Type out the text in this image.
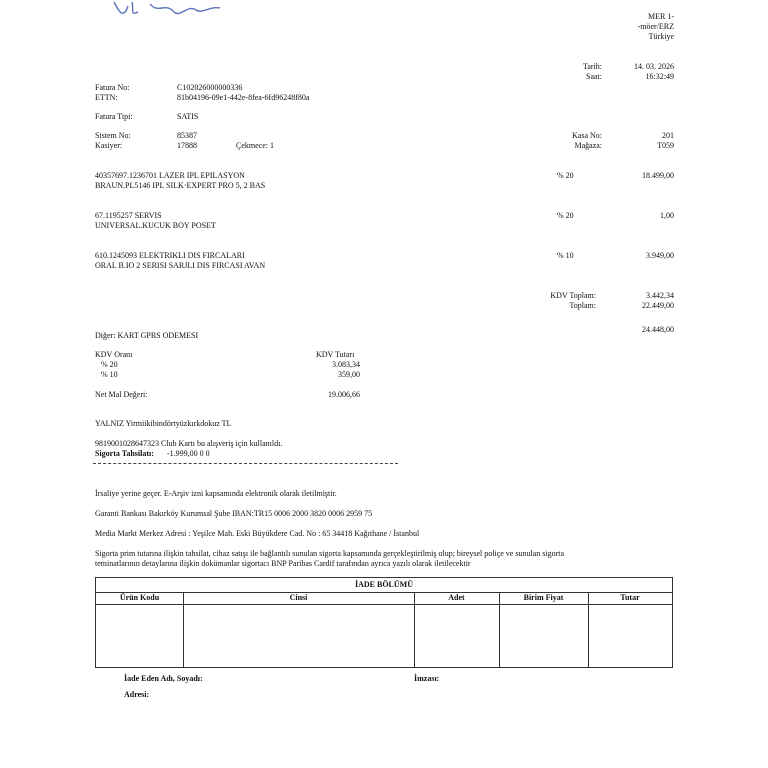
MER 1-
-möer/ERZ
Türkiye
Tarih:	14. 03. 2026
Saat:	16:32:49
Fatura No:	C102026000000336
ETTN:	81b04196-09e1-442e-8fea-6fd96248f80a
Fatura Tipi:	SATIS
Sistem No:	85387
Kasiyer:	17888	Çekmece: 1
Kasa No:	201
Mağaza:	T059
40357697.1236701 LAZER IPL EPILASYON
BRAUN.PL5146 IPL SILK·EXPERT PRO 5, 2 BAS
% 20	18.499,00
67.1195257 SERVIS
UNIVERSAL.KUCUK BOY POSET
% 20	1,00
610.1245093 ELEKTRIKLI DIS FIRCALARI
ORAL B.IO 2 SERISI SARJLI DIS FIRCASI AVAN
% 10	3.949,00
KDV Toplam:	3.442,34
Toplam:	22.449,00
24.448,00
Diğer: KART GPRS ODEMESI
KDV Oranı	KDV Tutarı
% 20	3.083,34
% 10	359,00
Net Mal Değeri:	19.006,66
YALNIZ Yirmiikibindörtyüzkırkdokuz TL
9819001028647323 Club Kartı bu alışveriş için kullanıldı.
Sigorta Tahsilatı: -1.999,00 0 0
İrsaliye yerine geçer. E-Arşiv izni kapsamında elektronik olarak iletilmiştir.
Garanti Bankası Bakırköy Kurumsal Şube IBAN:TR15 0006 2000 3820 0006 2959 75
Media Markt Merkez Adresi : Yeşilce Mah. Eski Büyükdere Cad. No : 65 34418 Kağıthane / İstanbul
Sigorta prim tutarına ilişkin tahsilat, cihaz satışı ile bağlantılı sunulan sigorta kapsamında gerçekleştirilmiş olup; bireysel poliçe ve sunulan sigorta
teminatlarının detaylarına ilişkin dokümanlar sigortacı BNP Paribas Cardif tarafından ayrıca yazılı olarak iletilecektir
İADE BÖLÜMÜ
Ürün Kodu	Cinsi	Adet	Birim Fiyat	Tutar
İade Eden Adı, Soyadı:	İmzası:
Adresi:
